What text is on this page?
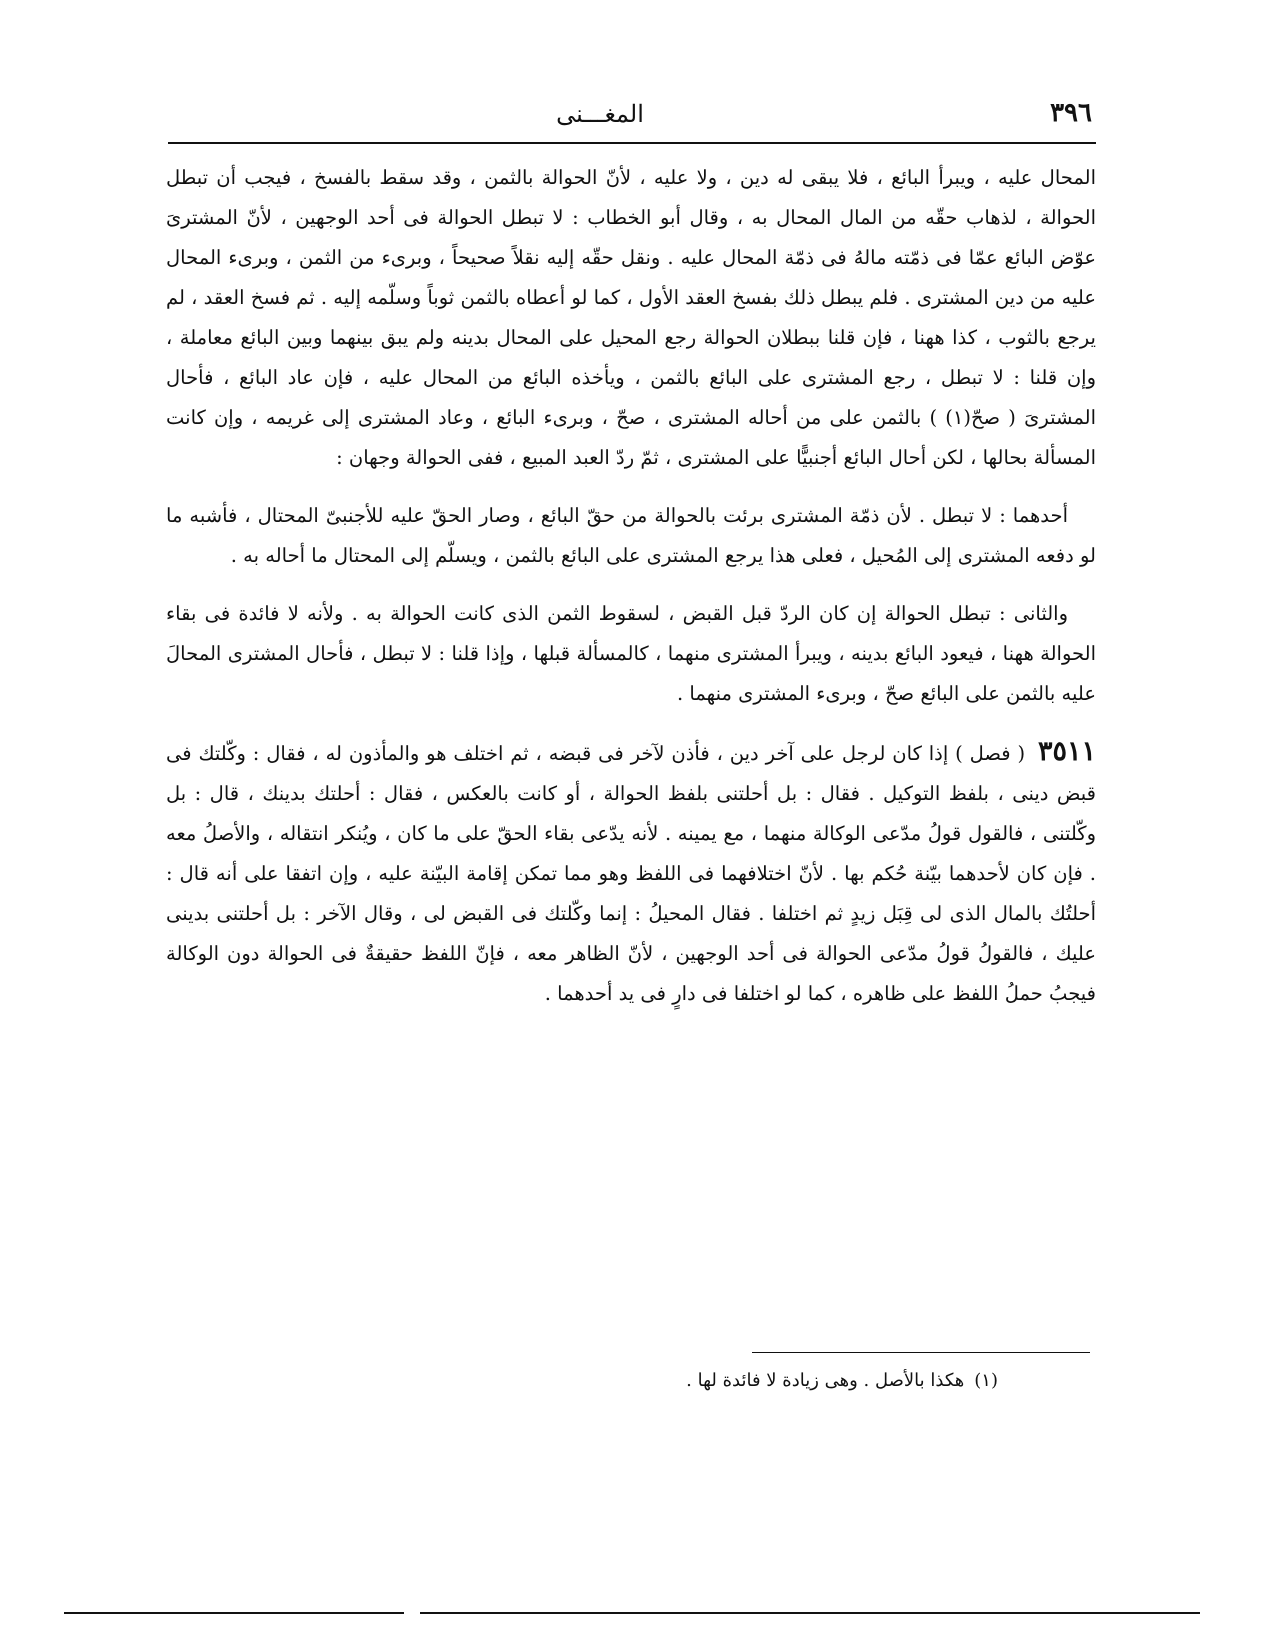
٣٩٦
المغـــنى

المحال عليه ، ويبرأ البائع ، فلا يبقى له دين ، ولا عليه ، لأنّ الحوالة بالثمن ، وقد سقط بالفسخ ، فيجب أن تبطل الحوالة ، لذهاب حقّه من المال المحال به ، وقال أبو الخطاب : لا تبطل الحوالة فى أحد الوجهين ، لأنّ المشترىَ عوّض البائع عمّا فى ذمّته مالهُ فى ذمّة المحال عليه . ونقل حقّه إليه نقلاً صحيحاً ، وبرىء من الثمن ، وبرىء المحال عليه من دين المشترى . فلم يبطل ذلك بفسخ العقد الأول ، كما لو أعطاه بالثمن ثوباً وسلّمه إليه . ثم فسخ العقد ، لم يرجع بالثوب ، كذا ههنا ، فإن قلنا ببطلان الحوالة رجع المحيل على المحال بدينه ولم يبق بينهما وبين البائع معاملة ، وإن قلنا : لا تبطل ، رجع المشترى على البائع بالثمن ، ويأخذه البائع من المحال عليه ، فإن عاد البائع ، فأحال المشترىَ ( صحّ(١) ) بالثمن على من أحاله المشترى ، صحّ ، وبرىء البائع ، وعاد المشترى إلى غريمه ، وإن كانت المسألة بحالها ، لكن أحال البائع أجنبيًّا على المشترى ، ثمّ ردّ العبد المبيع ، ففى الحوالة وجهان :

أحدهما : لا تبطل . لأن ذمّة المشترى برئت بالحوالة من حقّ البائع ، وصار الحقّ عليه للأجنبىّ المحتال ، فأشبه ما لو دفعه المشترى إلى المُحيل ، فعلى هذا يرجع المشترى على البائع بالثمن ، ويسلّم إلى المحتال ما أحاله به .

والثانى : تبطل الحوالة إن كان الردّ قبل القبض ، لسقوط الثمن الذى كانت الحوالة به . ولأنه لا فائدة فى بقاء الحوالة ههنا ، فيعود البائع بدينه ، ويبرأ المشترى منهما ، كالمسألة قبلها ، وإذا قلنا : لا تبطل ، فأحال المشترى المحالَ عليه بالثمن على البائع صحّ ، وبرىء المشترى منهما .

٣٥١١ ( فصل ) إذا كان لرجل على آخر دين ، فأذن لآخر فى قبضه ، ثم اختلف هو والمأذون له ، فقال : وكّلتك فى قبض دينى ، بلفظ التوكيل . فقال : بل أحلتنى بلفظ الحوالة ، أو كانت بالعكس ، فقال : أحلتك بدينك ، قال : بل وكّلتنى ، فالقول قولُ مدّعى الوكالة منهما ، مع يمينه . لأنه يدّعى بقاء الحقّ على ما كان ، ويُنكر انتقاله ، والأصلُ معه . فإن كان لأحدهما بيّنة حُكم بها . لأنّ اختلافهما فى اللفظ وهو مما تمكن إقامة البيّنة عليه ، وإن اتفقا على أنه قال : أحلتُك بالمال الذى لى قِبَل زيدٍ ثم اختلفا . فقال المحيلُ : إنما وكّلتك فى القبض لى ، وقال الآخر : بل أحلتنى بدينى عليك ، فالقولُ قولُ مدّعى الحوالة فى أحد الوجهين ، لأنّ الظاهر معه ، فإنّ اللفظ حقيقةٌ فى الحوالة دون الوكالة فيجبُ حملُ اللفظ على ظاهره ، كما لو اختلفا فى دارٍ فى يد أحدهما .

(١)هكذا بالأصل . وهى زيادة لا فائدة لها .
